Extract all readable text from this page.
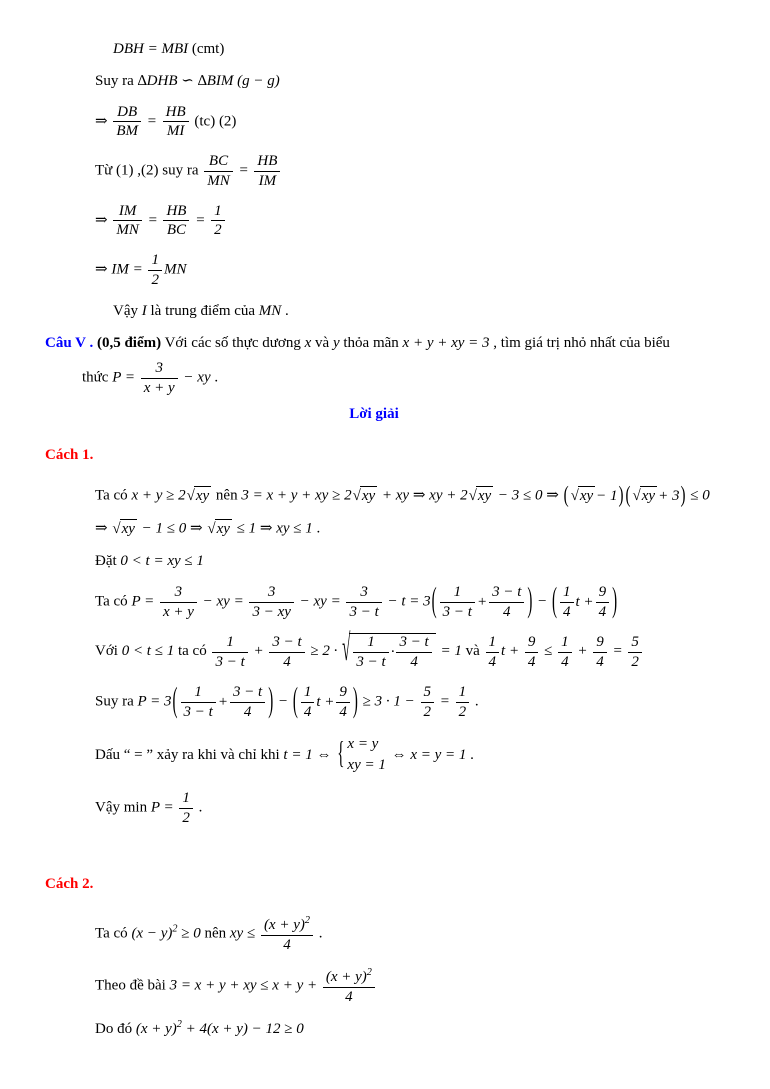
DBH = MBI (cmt)
Suy ra ∆DHB ∽ ∆BIM (g − g)
⇒ $\frac{DB}{BM} = \frac{HB}{MI} (tc)$ (2)
Từ (1) ,(2) suy ra $\frac{BC}{MN} = \frac{HB}{IM}$
⇒ $\frac{IM}{MN} = \frac{HB}{BC} = \frac{1}{2}$
⇒ IM = $\frac{1}{2}$ MN
Vậy I là trung điểm của MN .
Câu V . (0,5 điểm) Với các số thực dương x và y thỏa mãn x + y + xy = 3 , tìm giá trị nhỏ nhất của biểu
thức $P = \frac{3}{x + y}$ − xy .
Lời giải
Cách 1.
Ta có x + y ≥ 2 √ xy nên 3 = x + y + xy ≥ 2 √ xy + xy ⇒ xy + 2 √ xy − 3 ≤ 0 ⇒ ( √ xy − 1 ) ( √ xy + 3 ) ≤ 0
⇒ √ xy − 1 ≤ 0 ⇒ √ xy ≤ 1 ⇒ xy ≤ 1 .
Đặt 0 < t = xy ≤ 1
Ta có $P = \frac{3}{x + y}$ − xy = $\frac{3}{3 - xy}$ − xy = $\frac{3}{3 - t} - t = 3$ ( $\frac{1}{3 - t} + \frac{3 - t}{4}$ ) − ( $\frac{1}{4}$ $t + \frac{9}{4}$ )
Với 0 < t ≤ 1 ta có $\frac{1}{3 - t} + \frac{3 - t}{4} \ge 2$ · √ $\frac{1}{3 - t} \cdot \frac{3 - t}{4} = 1$ và $\frac{1}{4}$ $t + \frac{9}{4} \le \frac{1}{4} + \frac{9}{4} = \frac{5}{2}$
Suy ra P = 3 ( $\frac{1}{3 - t} + \frac{3 - t}{4}$ ) − ( $\frac{1}{4}$ $t + \frac{9}{4}$ ) ≥ $3 \cdot 1 - \frac{5}{2} = \frac{1}{2}$ .
Dấu “ = ” xảy ra khi và chỉ khi t = 1 ⇔ { x = y
xy = 1
⇔ x = y = 1 .
Vậy $\min P = \frac{1}{2}$ .
Cách 2.
Ta có $(x - y)^2 \ge 0$ nên xy ≤ $\frac{(x + y)^2}{4}$ .
Theo đề bài 3 = x + y + xy ≤ $x + y + \frac{(x + y)^2}{4}$
Do đó $(x + y)^2 + 4(x + y) - 12 \ge 0$
